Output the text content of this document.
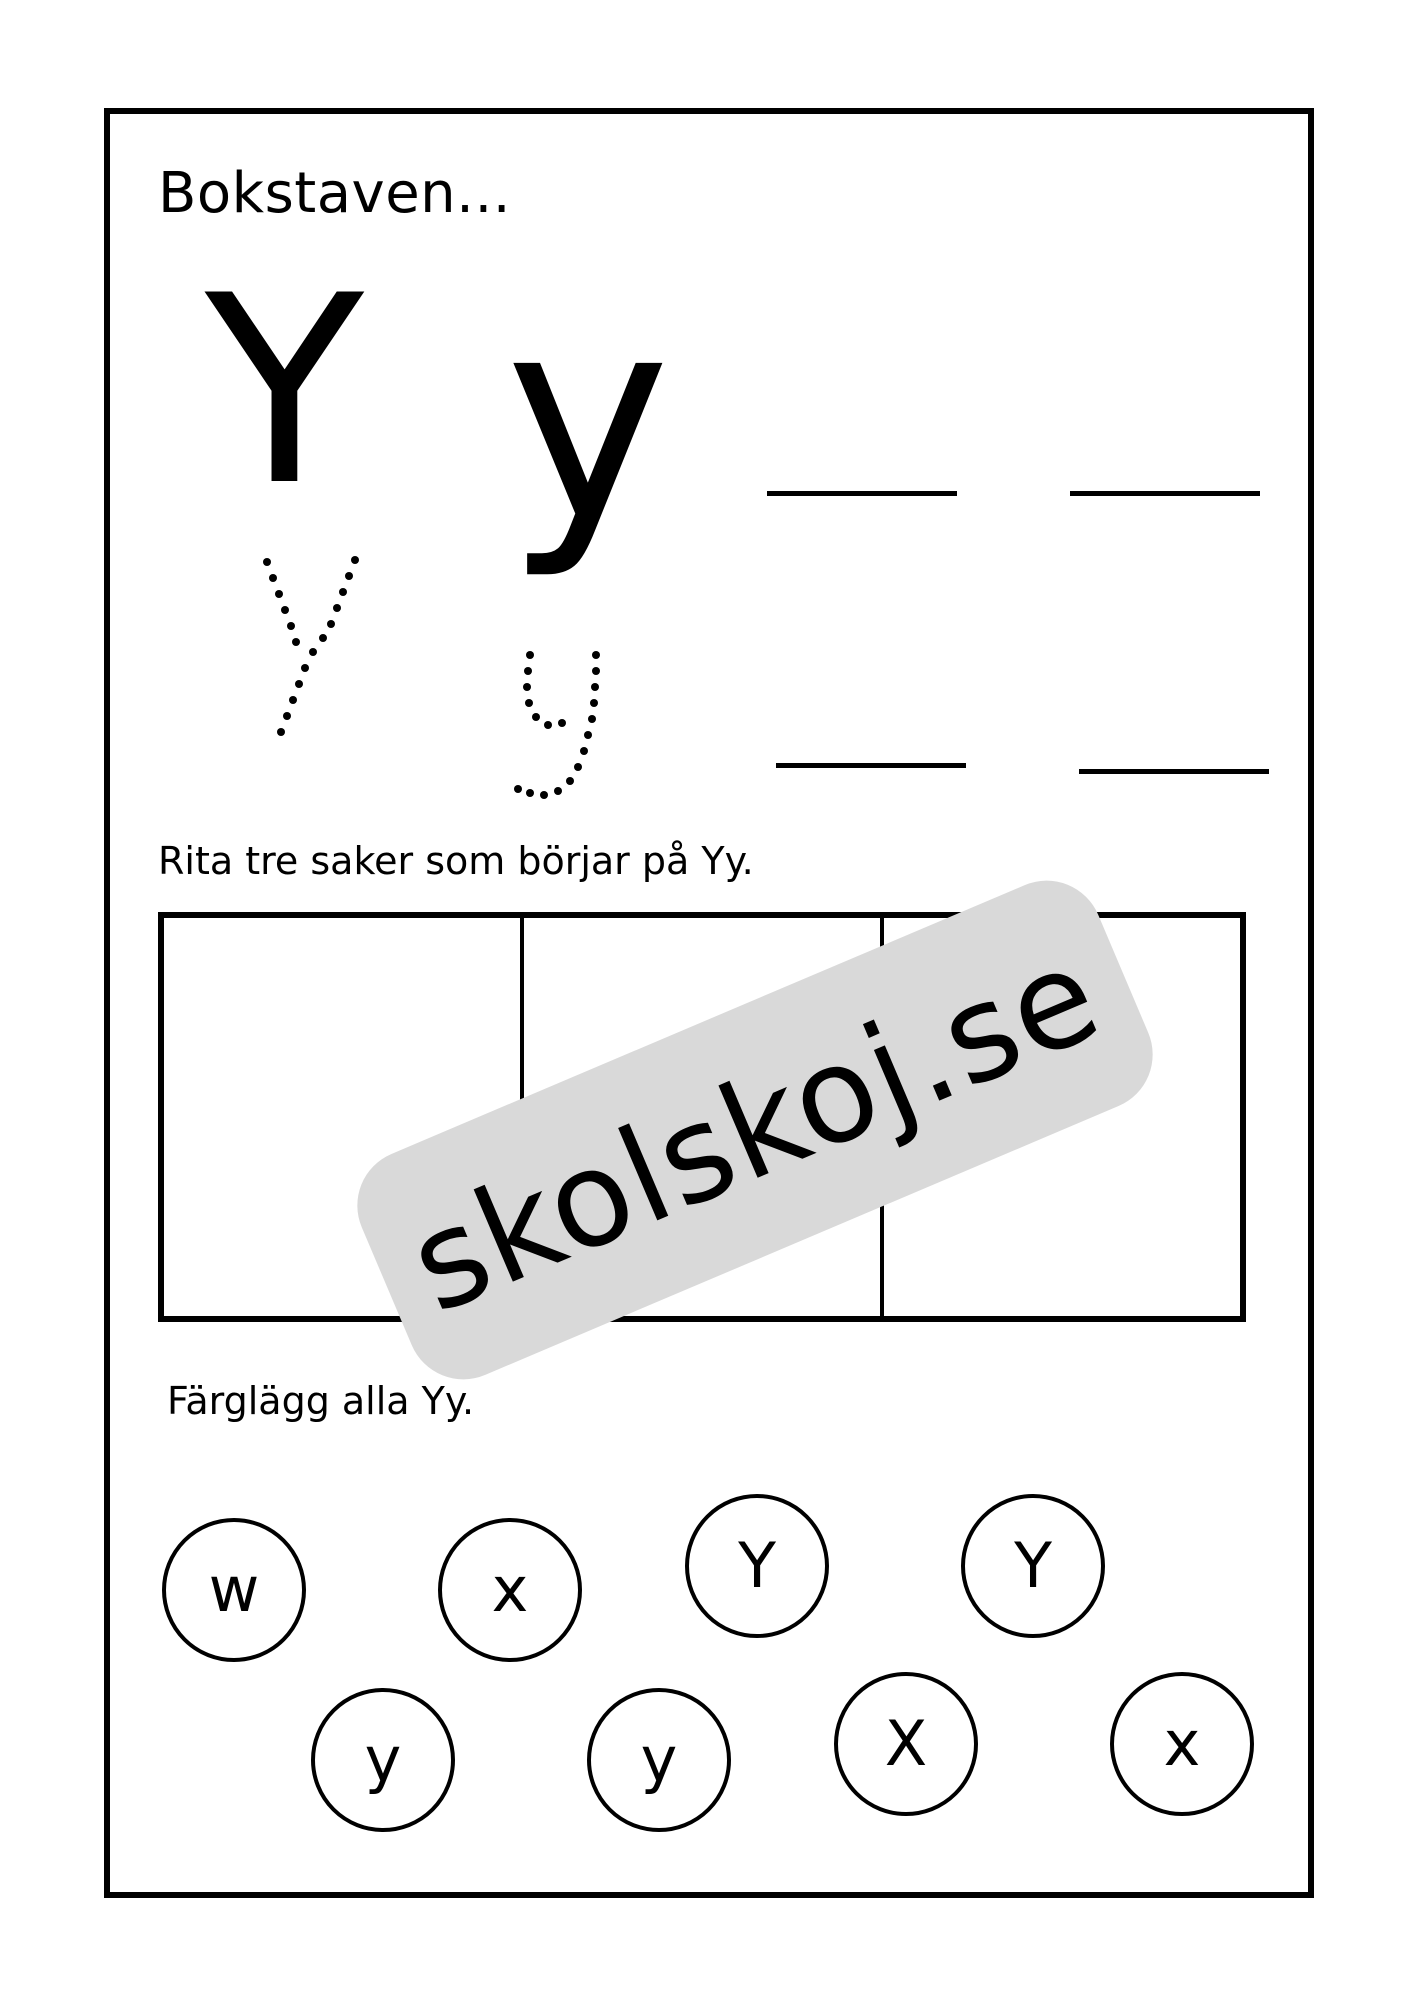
Bokstaven...
Y y
Rita tre saker som börjar på Yy.
Färglägg alla Yy.
w	x	Y	Y
y	y	X	x
skolskoj.se
